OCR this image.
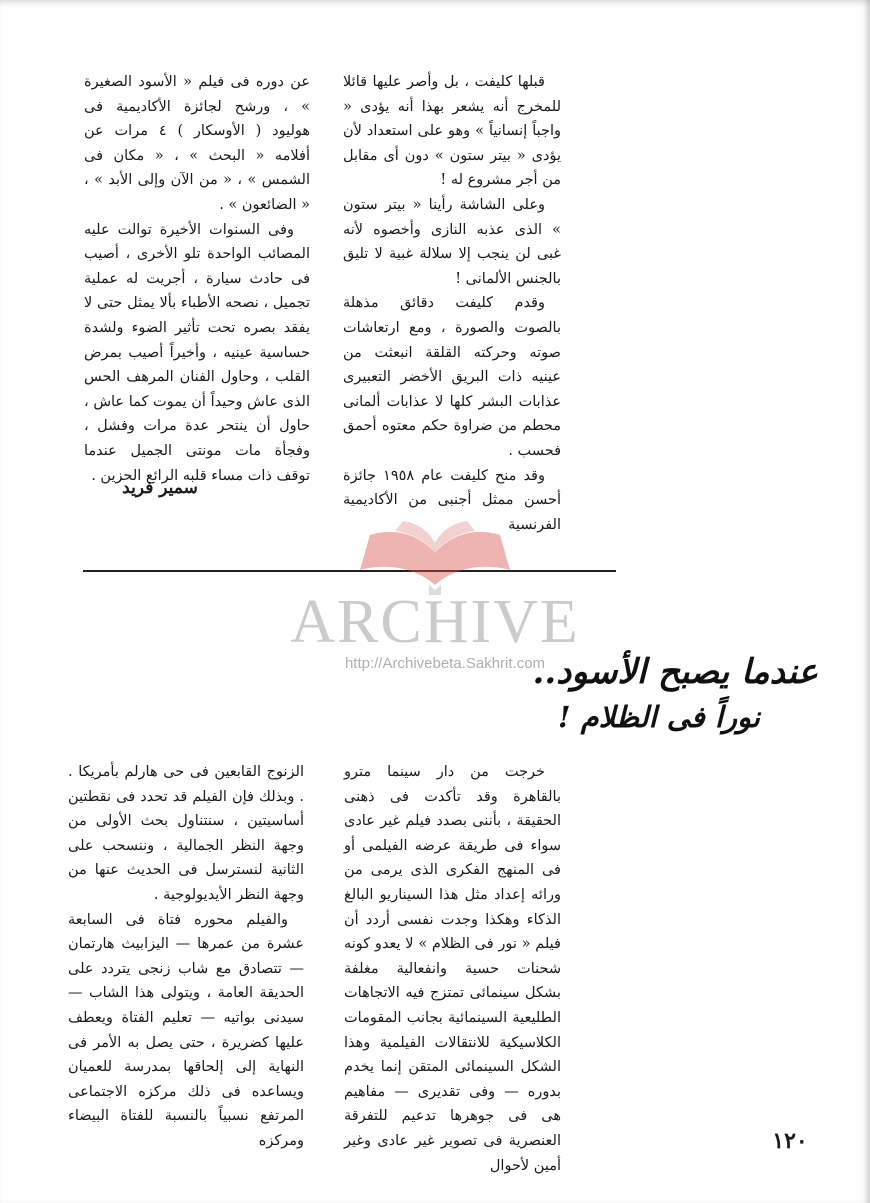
قبلها كليفت ، بل وأصر عليها قائلا للمخرج أنه يشعر بهذا أنه يؤدى « واجباً إنسانياً » وهو على استعداد لأن يؤدى « بيتر ستون » دون أى مقابل من أجر مشروع له !

وعلى الشاشة رأينا « بيتر ستون » الذى عذبه النازى وأخصوه لأنه غبى لن ينجب إلا سلالة غبية لا تليق بالجنس الألمانى !

وقدم كليفت دقائق مذهلة بالصوت والصورة ، ومع ارتعاشات صوته وحركته القلقة انبعثت من عينيه ذات البريق الأخضر التعبيرى عذابات البشر كلها لا عذابات ألمانى محطم من ضراوة حكم معتوه أحمق فحسب .

وقد منح كليفت عام ١٩٥٨ جائزة أحسن ممثل أجنبى من الأكاديمية الفرنسية

عن دوره فى فيلم « الأسود الصغيرة » ، ورشح لجائزة الأكاديمية فى هوليود ( الأوسكار ) ٤ مرات عن أفلامه « البحث » ، « مكان فى الشمس » ، « من الآن وإلى الأبد » ، « الضائعون » .

وفى السنوات الأخيرة توالت عليه المصائب الواحدة تلو الأخرى ، أصيب فى حادث سيارة ، أجريت له عملية تجميل ، نصحه الأطباء بألا يمثل حتى لا يفقد بصره تحت تأثير الضوء ولشدة حساسية عينيه ، وأخيراً أصيب بمرض القلب ، وحاول الفنان المرهف الحس الذى عاش وحيداً أن يموت كما عاش ، حاول أن ينتحر عدة مرات وفشل ، وفجأة مات مونتى الجميل عندما توقف ذات مساء قلبه الرائع الحزين .

سمير فريد
ARCHIVE
http://Archivebeta.Sakhrit.com
عندما يصبح الأسود..
نوراً فى الظلام !

خرجت من دار سينما مترو بالقاهرة وقد تأكدت فى ذهنى الحقيقة ، بأننى بصدد فيلم غير عادى سواء فى طريقة عرضه الفيلمى أو فى المنهج الفكرى الذى يرمى من ورائه إعداد مثل هذا السيناريو البالغ الذكاء وهكذا وجدت نفسى أردد أن فيلم « نور فى الظلام » لا يعدو كونه شحنات حسية وانفعالية مغلفة بشكل سينمائى تمتزج فيه الاتجاهات الطليعية السينمائية بجانب المقومات الكلاسيكية للانتقالات الفيلمية وهذا الشكل السينمائى المتقن إنما يخدم بدوره — وفى تقديرى — مفاهيم هى فى جوهرها تدعيم للتفرقة العنصرية فى تصوير غير عادى وغير أمين لأحوال

الزنوج القابعين فى حى هارلم بأمريكا . . وبذلك فإن الفيلم قد تحدد فى نقطتين أساسيتين ، سنتناول بحث الأولى من وجهة النظر الجمالية ، وننسحب على الثانية لنسترسل فى الحديث عنها من وجهة النظر الأيديولوجية .

والفيلم محوره فتاة فى السابعة عشرة من عمرها — اليزابيث هارتمان — تتصادق مع شاب زنجى يتردد على الحديقة العامة ، ويتولى هذا الشاب — سيدنى بواتيه — تعليم الفتاة ويعطف عليها كضريرة ، حتى يصل به الأمر فى النهاية إلى إلحاقها بمدرسة للعميان ويساعده فى ذلك مركزه الاجتماعى المرتفع نسبياً بالنسبة للفتاة البيضاء ومركزه	١٢٠
